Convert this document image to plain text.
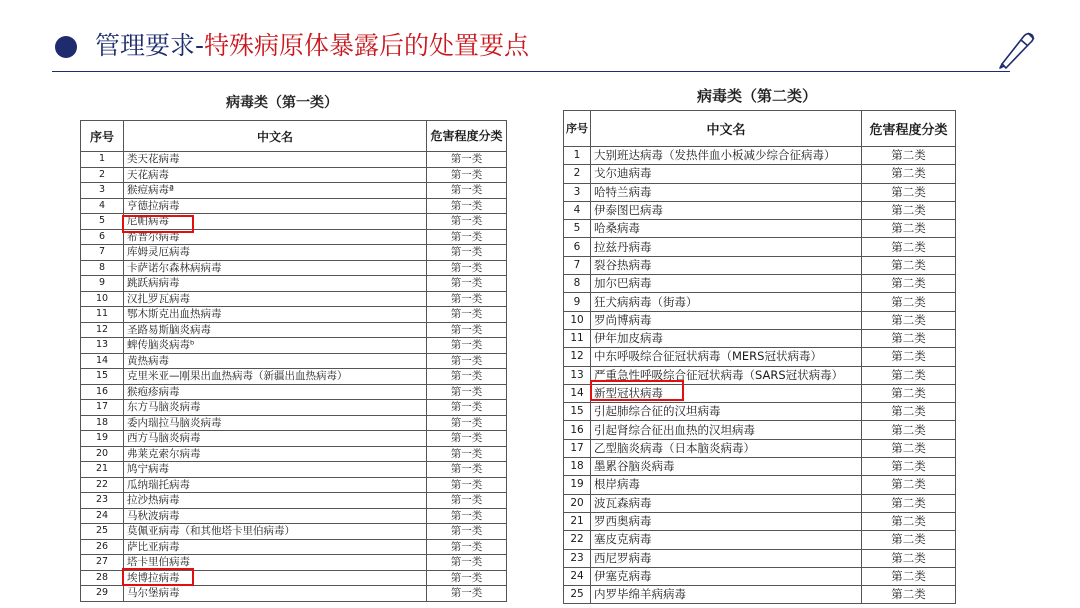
管理要求-特殊病原体暴露后的处置要点
病毒类（第一类）
序号	中文名	危害程度分类
1	类天花病毒	第一类
2	天花病毒	第一类
3	猴痘病毒ª	第一类
4	亨德拉病毒	第一类
5	尼帕病毒	第一类
6	希普尔病毒	第一类
7	库姆灵厄病毒	第一类
8	卡萨诺尔森林病病毒	第一类
9	跳跃病病毒	第一类
10	汉扎罗瓦病毒	第一类
11	鄂木斯克出血热病毒	第一类
12	圣路易斯脑炎病毒	第一类
13	蜱传脑炎病毒ᵇ	第一类
14	黄热病毒	第一类
15	克里米亚—刚果出血热病毒（新疆出血热病毒）	第一类
16	猴疱疹病毒	第一类
17	东方马脑炎病毒	第一类
18	委内瑞拉马脑炎病毒	第一类
19	西方马脑炎病毒	第一类
20	弗莱克索尔病毒	第一类
21	鸠宁病毒	第一类
22	瓜纳瑞托病毒	第一类
23	拉沙热病毒	第一类
24	马秋波病毒	第一类
25	莫佩亚病毒（和其他塔卡里伯病毒）	第一类
26	萨比亚病毒	第一类
27	塔卡里伯病毒	第一类
28	埃博拉病毒	第一类
29	马尔堡病毒	第一类
病毒类（第二类）
序号	中文名	危害程度分类
1	大别班达病毒（发热伴血小板减少综合征病毒）	第二类
2	戈尔迪病毒	第二类
3	哈特兰病毒	第二类
4	伊泰图巴病毒	第二类
5	哈桑病毒	第二类
6	拉兹丹病毒	第二类
7	裂谷热病毒	第二类
8	加尔巴病毒	第二类
9	狂犬病病毒（街毒）	第二类
10	罗尚博病毒	第二类
11	伊年加皮病毒	第二类
12	中东呼吸综合征冠状病毒（MERS冠状病毒）	第二类
13	严重急性呼吸综合征冠状病毒（SARS冠状病毒）	第二类
14	新型冠状病毒	第二类
15	引起肺综合征的汉坦病毒	第二类
16	引起肾综合征出血热的汉坦病毒	第二类
17	乙型脑炎病毒（日本脑炎病毒）	第二类
18	墨累谷脑炎病毒	第二类
19	根岸病毒	第二类
20	波瓦森病毒	第二类
21	罗西奥病毒	第二类
22	塞皮克病毒	第二类
23	西尼罗病毒	第二类
24	伊塞克病毒	第二类
25	内罗毕绵羊病病毒	第二类
